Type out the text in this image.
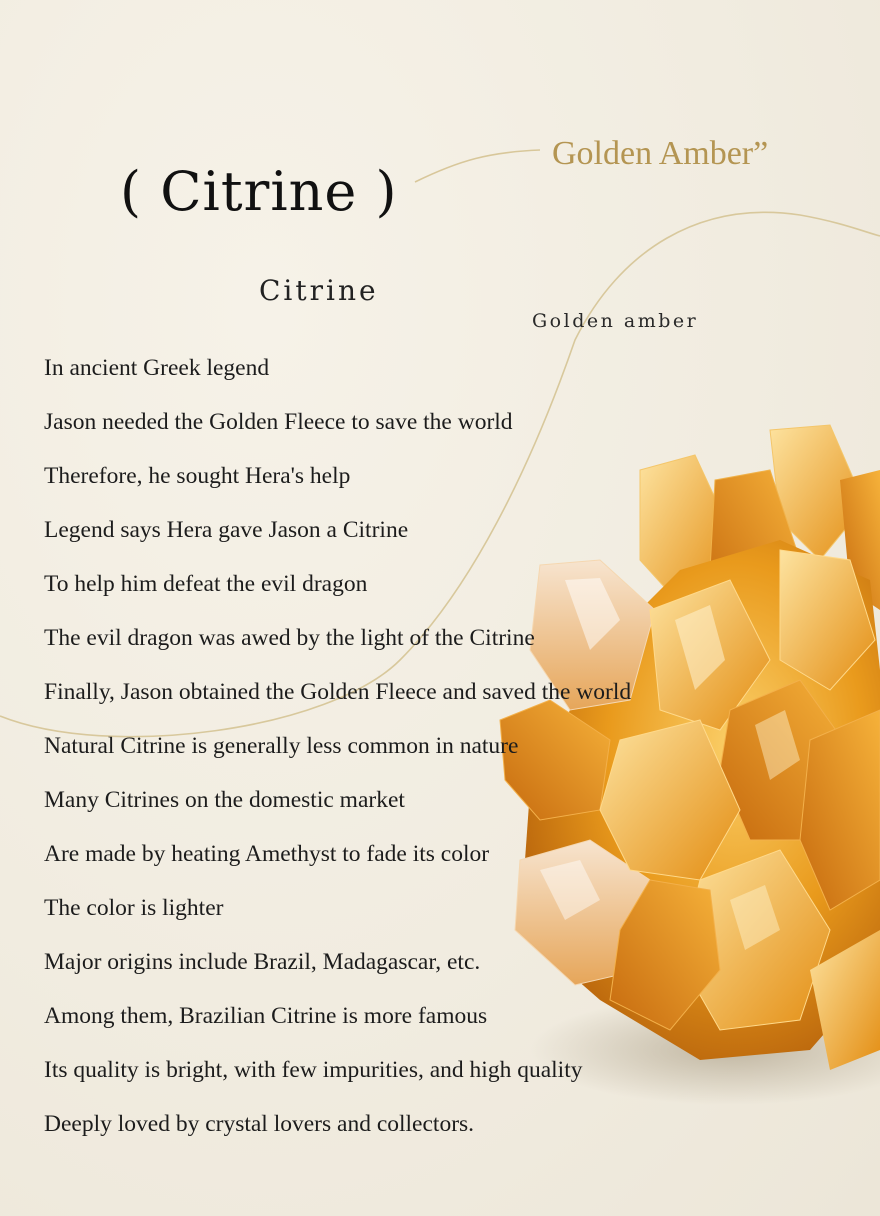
( Citrine )
Golden Amber”
Citrine
Golden amber
In ancient Greek legend
Jason needed the Golden Fleece to save the world
Therefore, he sought Hera's help
Legend says Hera gave Jason a Citrine
To help him defeat the evil dragon
The evil dragon was awed by the light of the Citrine
Finally, Jason obtained the Golden Fleece and saved the world
Natural Citrine is generally less common in nature
Many Citrines on the domestic market
Are made by heating Amethyst to fade its color
The color is lighter
Major origins include Brazil, Madagascar, etc.
Among them, Brazilian Citrine is more famous
Its quality is bright, with few impurities, and high quality
Deeply loved by crystal lovers and collectors.
